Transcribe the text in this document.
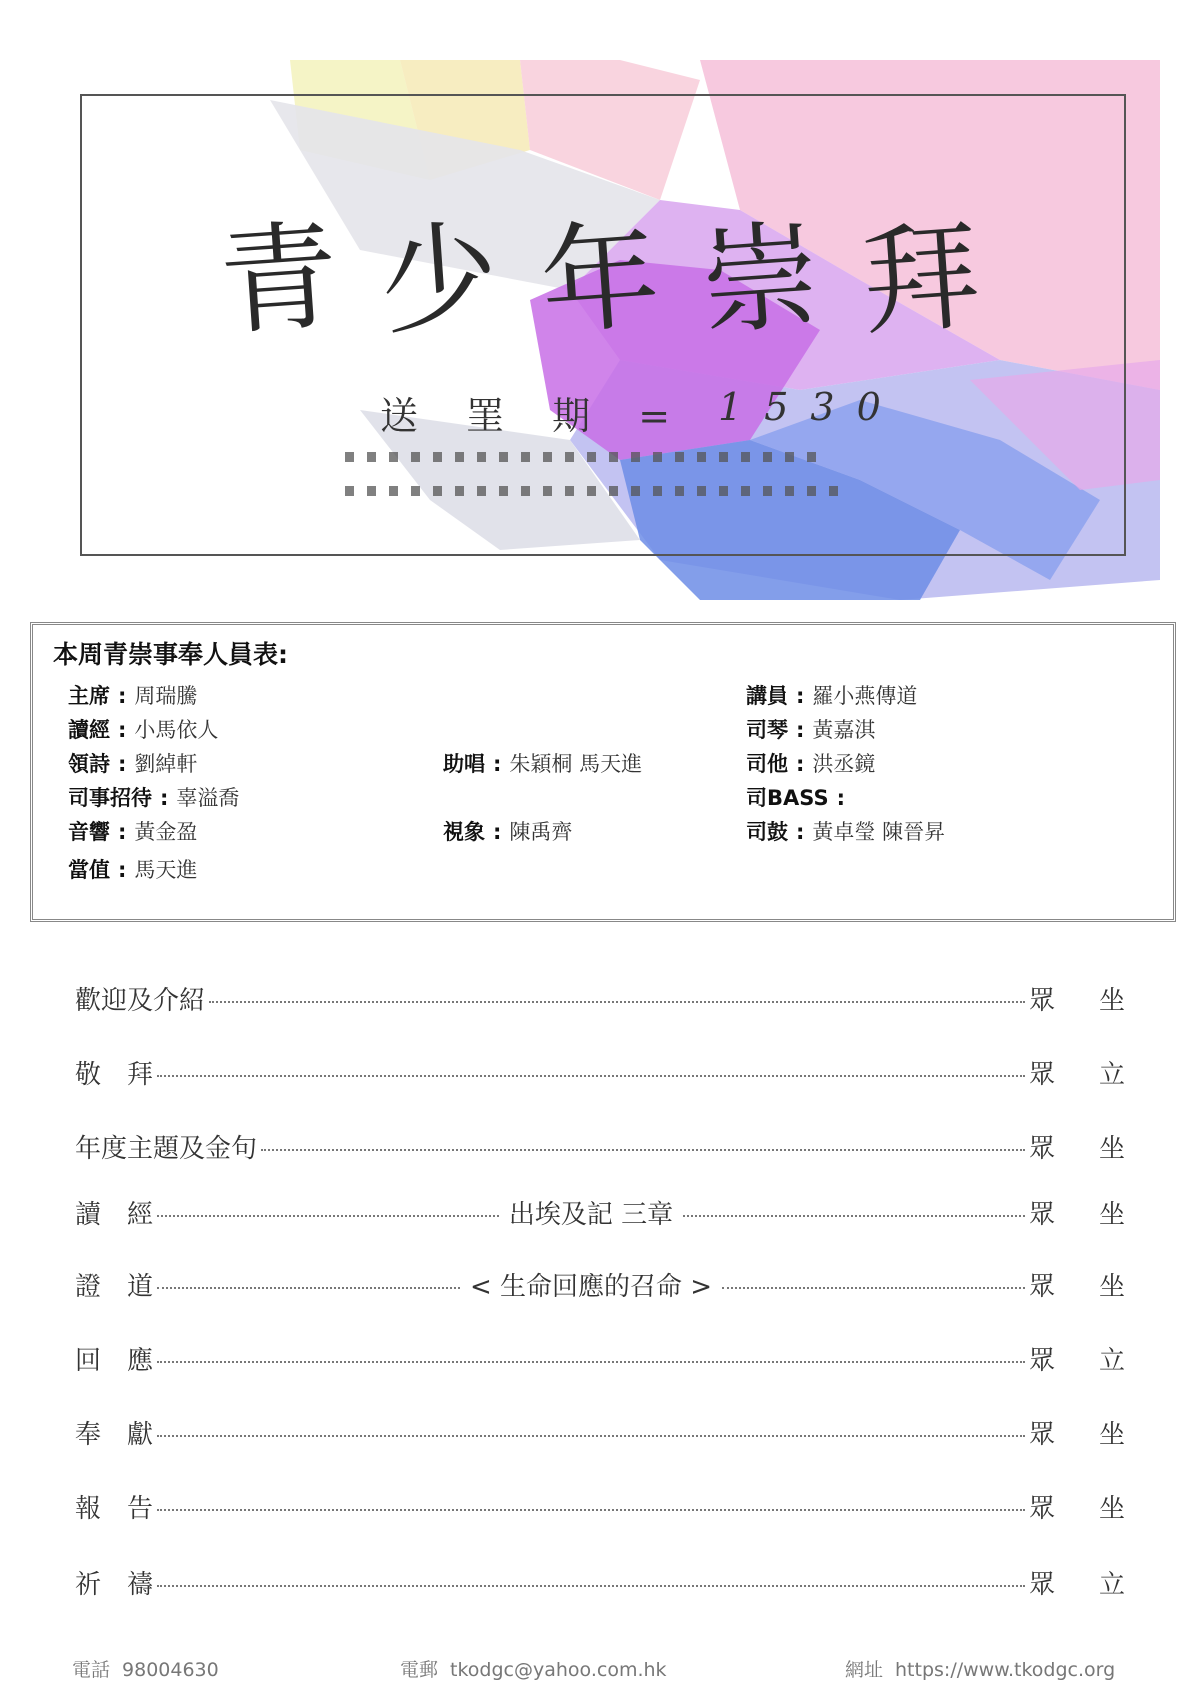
青 少 年 崇 拜
送 罣 期 = 1530
本周青崇事奉人員表:
主席 : 周瑞騰	講員 : 羅小燕傳道
讀經 : 小馬依人	司琴 : 黃嘉淇
領詩 : 劉綽軒	助唱 : 朱穎桐 馬天進	司他 : 洪丞鏡
司事招待 : 辜溢喬	司BASS :
音響 : 黃金盈	視象 : 陳禹齊	司鼓 : 黃卓瑩 陳晉昇
當值 : 馬天進
歡迎及介紹	眾	坐
敬　拜	眾	立
年度主題及金句	眾	坐
讀　經	出埃及記 三章	眾	坐
證　道	< 生命回應的召命 >	眾	坐
回　應	眾	立
奉　獻	眾	坐
報　告	眾	坐
祈　禱	眾	立
電話 98004630	電郵 tkodgc@yahoo.com.hk	網址 https://www.tkodgc.org
